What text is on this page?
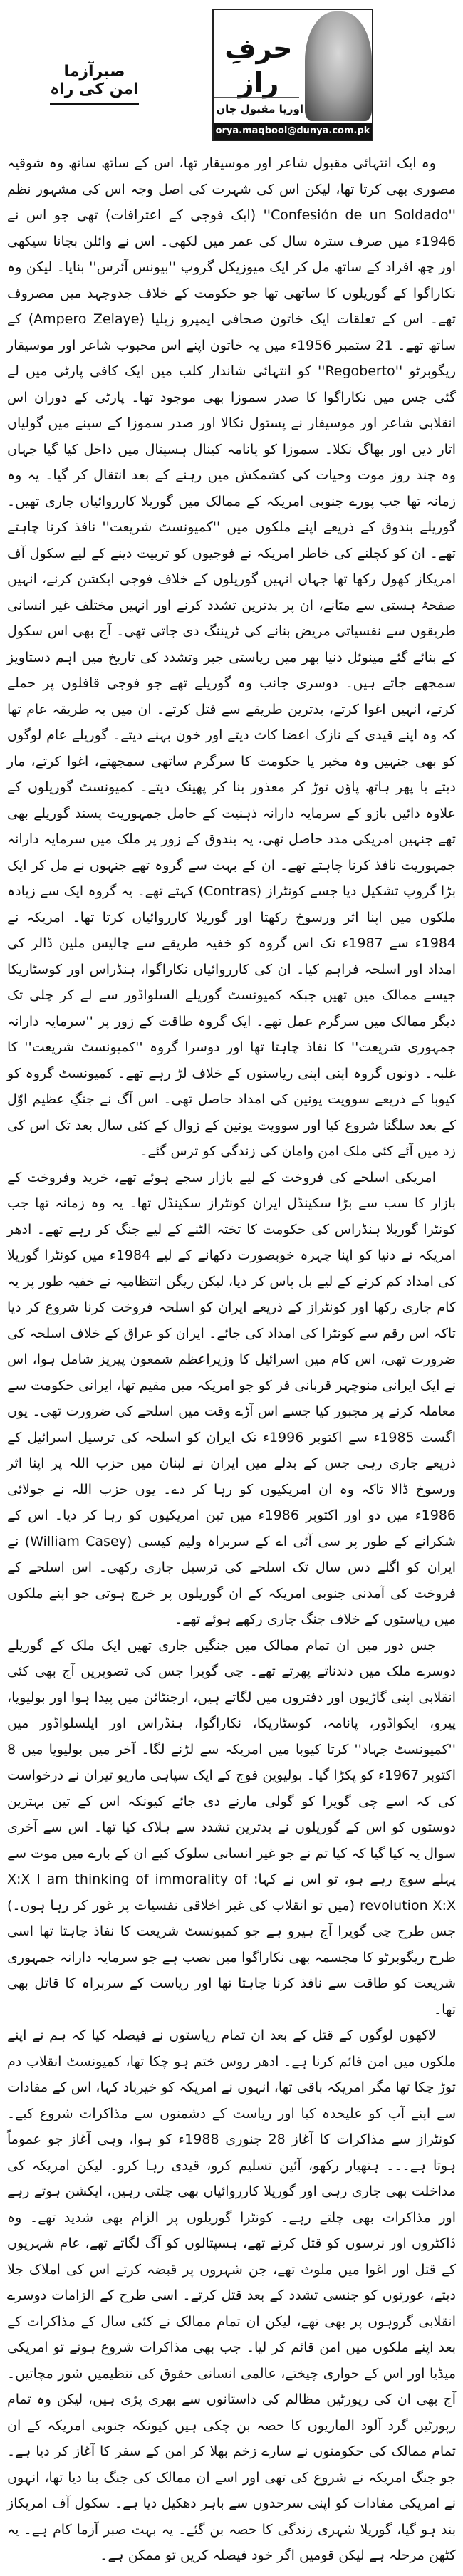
صبرآزما امن کی راہ
حرفِ راز
اوریا مقبول جان
orya.maqbool@dunya.com.pk

وہ ایک انتہائی مقبول شاعر اور موسیقار تھا، اس کے ساتھ ساتھ وہ شوقیہ مصوری بھی کرتا تھا، لیکن اس کی شہرت کی اصل وجہ اس کی مشہور نظم ''Confesión de un Soldado'' (ایک فوجی کے اعترافات) تھی جو اس نے 1946ء میں صرف سترہ سال کی عمر میں لکھی۔ اس نے وائلن بجانا سیکھی اور چھ افراد کے ساتھ مل کر ایک میوزیکل گروپ ''بیونس آئرس'' بنایا۔ لیکن وہ نکاراگوا کے گوریلوں کا ساتھی تھا جو حکومت کے خلاف جدوجہد میں مصروف تھے۔ اس کے تعلقات ایک خاتون صحافی ایمپرو زیلیا (Ampero Zelaye) کے ساتھ تھے۔ 21 ستمبر 1956ء میں یہ خاتون اپنے اس محبوب شاعر اور موسیقار ریگوبرٹو ''Regoberto'' کو انتہائی شاندار کلب میں ایک کافی پارٹی میں لے گئی جس میں نکاراگوا کا صدر سموزا بھی موجود تھا۔ پارٹی کے دوران اس انقلابی شاعر اور موسیقار نے پستول نکالا اور صدر سموزا کے سینے میں گولیاں اتار دیں اور بھاگ نکلا۔ سموزا کو پانامہ کینال ہسپتال میں داخل کیا گیا جہاں وہ چند روز موت وحیات کی کشمکش میں رہنے کے بعد انتقال کر گیا۔ یہ وہ زمانہ تھا جب پورے جنوبی امریکہ کے ممالک میں گوریلا کارروائیاں جاری تھیں۔ گوریلے بندوق کے ذریعے اپنے ملکوں میں ''کمیونسٹ شریعت'' نافذ کرنا چاہتے تھے۔ ان کو کچلنے کی خاطر امریکہ نے فوجیوں کو تربیت دینے کے لیے سکول آف امریکاز کھول رکھا تھا جہاں انہیں گوریلوں کے خلاف فوجی ایکشن کرنے، انہیں صفحۂ ہستی سے مٹانے، ان پر بدترین تشدد کرنے اور انہیں مختلف غیر انسانی طریقوں سے نفسیاتی مریض بنانے کی ٹریننگ دی جاتی تھی۔ آج بھی اس سکول کے بنائے گئے مینوئل دنیا بھر میں ریاستی جبر وتشدد کی تاریخ میں اہم دستاویز سمجھے جاتے ہیں۔ دوسری جانب وہ گوریلے تھے جو فوجی قافلوں پر حملے کرتے، انہیں اغوا کرتے، بدترین طریقے سے قتل کرتے۔ ان میں یہ طریقہ عام تھا کہ وہ اپنے قیدی کے نازک اعضا کاٹ دیتے اور خون بہنے دیتے۔ گوریلے عام لوگوں کو بھی جنہیں وہ مخبر یا حکومت کا سرگرم ساتھی سمجھتے، اغوا کرتے، مار دیتے یا پھر ہاتھ پاؤں توڑ کر معذور بنا کر پھینک دیتے۔ کمیونسٹ گوریلوں کے علاوہ دائیں بازو کے سرمایہ دارانہ ذہنیت کے حامل جمہوریت پسند گوریلے بھی تھے جنہیں امریکی مدد حاصل تھی، یہ بندوق کے زور پر ملک میں سرمایہ دارانہ جمہوریت نافذ کرنا چاہتے تھے۔ ان کے بہت سے گروہ تھے جنہوں نے مل کر ایک بڑا گروپ تشکیل دیا جسے کونٹراز (Contras) کہتے تھے۔ یہ گروہ ایک سے زیادہ ملکوں میں اپنا اثر ورسوخ رکھتا اور گوریلا کارروائیاں کرتا تھا۔ امریکہ نے 1984ء سے 1987ء تک اس گروہ کو خفیہ طریقے سے چالیس ملین ڈالر کی امداد اور اسلحہ فراہم کیا۔ ان کی کارروائیاں نکاراگوا، ہنڈراس اور کوسٹاریکا جیسے ممالک میں تھیں جبکہ کمیونسٹ گوریلے السلواڈور سے لے کر چلی تک دیگر ممالک میں سرگرم عمل تھے۔ ایک گروہ طاقت کے زور پر ''سرمایہ دارانہ جمہوری شریعت'' کا نفاذ چاہتا تھا اور دوسرا گروہ ''کمیونسٹ شریعت'' کا غلبہ۔ دونوں گروہ اپنی اپنی ریاستوں کے خلاف لڑ رہے تھے۔ کمیونسٹ گروہ کو کیوبا کے ذریعے سوویت یونین کی امداد حاصل تھی۔ اس آگ نے جنگِ عظیم اوّل کے بعد سلگنا شروع کیا اور سوویت یونین کے زوال کے کئی سال بعد تک اس کی زد میں آئے کئی ملک امن وامان کی زندگی کو ترس گئے۔

امریکی اسلحے کی فروخت کے لیے بازار سجے ہوئے تھے، خرید وفروخت کے بازار کا سب سے بڑا سکینڈل ایران کونٹراز سکینڈل تھا۔ یہ وہ زمانہ تھا جب کونٹرا گوریلا ہنڈراس کی حکومت کا تختہ الٹنے کے لیے جنگ کر رہے تھے۔ ادھر امریکہ نے دنیا کو اپنا چہرہ خوبصورت دکھانے کے لیے 1984ء میں کونٹرا گوریلا کی امداد کم کرنے کے لیے بل پاس کر دیا، لیکن ریگن انتظامیہ نے خفیہ طور پر یہ کام جاری رکھا اور کونٹراز کے ذریعے ایران کو اسلحہ فروخت کرنا شروع کر دیا تاکہ اس رقم سے کونٹرا کی امداد کی جائے۔ ایران کو عراق کے خلاف اسلحہ کی ضرورت تھی، اس کام میں اسرائیل کا وزیراعظم شمعون پیریز شامل ہوا، اس نے ایک ایرانی منوچہر قربانی فر کو جو امریکہ میں مقیم تھا، ایرانی حکومت سے معاملہ کرنے پر مجبور کیا جسے اس آڑے وقت میں اسلحے کی ضرورت تھی۔ یوں اگست 1985ء سے اکتوبر 1996ء تک ایران کو اسلحہ کی ترسیل اسرائیل کے ذریعے جاری رہی جس کے بدلے میں ایران نے لبنان میں حزب اللہ پر اپنا اثر ورسوخ ڈالا تاکہ وہ ان امریکیوں کو رہا کر دے۔ یوں حزب اللہ نے جولائی 1986ء میں دو اور اکتوبر 1986ء میں تین امریکیوں کو رہا کر دیا۔ اس کے شکرانے کے طور پر سی آئی اے کے سربراہ ولیم کیسی (William Casey) نے ایران کو اگلے دس سال تک اسلحے کی ترسیل جاری رکھی۔ اس اسلحے کے فروخت کی آمدنی جنوبی امریکہ کے ان گوریلوں پر خرچ ہوتی جو اپنے ملکوں میں ریاستوں کے خلاف جنگ جاری رکھے ہوئے تھے۔

جس دور میں ان تمام ممالک میں جنگیں جاری تھیں ایک ملک کے گوریلے دوسرے ملک میں دندناتے پھرتے تھے۔ چی گویرا جس کی تصویریں آج بھی کئی انقلابی اپنی گاڑیوں اور دفتروں میں لگاتے ہیں، ارجنٹائن میں پیدا ہوا اور بولیویا، پیرو، ایکواڈور، پانامہ، کوسٹاریکا، نکاراگوا، ہنڈراس اور ایلسلواڈور میں ''کمیونسٹ جہاد'' کرتا کیوبا میں امریکہ سے لڑنے لگا۔ آخر میں بولیویا میں 8 اکتوبر 1967ء کو پکڑا گیا۔ بولیوین فوج کے ایک سپاہی ماریو تیران نے درخواست کی کہ اسے چی گویرا کو گولی مارنے دی جائے کیونکہ اس کے تین بہترین دوستوں کو اس کے گوریلوں نے بدترین تشدد سے ہلاک کیا تھا۔ اس سے آخری سوال یہ کیا گیا کہ کیا تم نے جو غیر انسانی سلوک کیے ان کے بارے میں موت سے پہلے سوچ رہے ہو، تو اس نے کہا: X:X I am thinking of immorality of revolution X:X (میں تو انقلاب کی غیر اخلاقی نفسیات پر غور کر رہا ہوں۔) جس طرح چی گویرا آج ہیرو ہے جو کمیونسٹ شریعت کا نفاذ چاہتا تھا اسی طرح ریگوبرٹو کا مجسمہ بھی نکاراگوا میں نصب ہے جو سرمایہ دارانہ جمہوری شریعت کو طاقت سے نافذ کرنا چاہتا تھا اور ریاست کے سربراہ کا قاتل بھی تھا۔

لاکھوں لوگوں کے قتل کے بعد ان تمام ریاستوں نے فیصلہ کیا کہ ہم نے اپنے ملکوں میں امن قائم کرنا ہے۔ ادھر روس ختم ہو چکا تھا، کمیونسٹ انقلاب دم توڑ چکا تھا مگر امریکہ باقی تھا، انہوں نے امریکہ کو خیرباد کہا، اس کے مفادات سے اپنے آپ کو علیحدہ کیا اور ریاست کے دشمنوں سے مذاکرات شروع کیے۔ کونٹراز سے مذاکرات کا آغاز 28 جنوری 1988ء کو ہوا، وہی آغاز جو عموماً ہوتا ہے۔۔۔ ہتھیار رکھو، آئین تسلیم کرو، قیدی رہا کرو۔ لیکن امریکہ کی مداخلت بھی جاری رہی اور گوریلا کارروائیاں بھی چلتی رہیں، ایکشن ہوتے رہے اور مذاکرات بھی چلتے رہے۔ کونٹرا گوریلوں پر الزام بھی شدید تھے۔ وہ ڈاکٹروں اور نرسوں کو قتل کرتے تھے، ہسپتالوں کو آگ لگاتے تھے، عام شہریوں کے قتل اور اغوا میں ملوث تھے، جن شہروں پر قبضہ کرتے اس کی املاک جلا دیتے، عورتوں کو جنسی تشدد کے بعد قتل کرتے۔ اسی طرح کے الزامات دوسرے انقلابی گروہوں پر بھی تھے، لیکن ان تمام ممالک نے کئی سال کے مذاکرات کے بعد اپنے ملکوں میں امن قائم کر لیا۔ جب بھی مذاکرات شروع ہوتے تو امریکی میڈیا اور اس کے حواری چیختے، عالمی انسانی حقوق کی تنظیمیں شور مچاتیں۔ آج بھی ان کی رپورٹیں مظالم کی داستانوں سے بھری پڑی ہیں، لیکن وہ تمام رپورٹیں گرد آلود الماریوں کا حصہ بن چکی ہیں کیونکہ جنوبی امریکہ کے ان تمام ممالک کی حکومتوں نے سارے زخم بھلا کر امن کے سفر کا آغاز کر دیا ہے۔ جو جنگ امریکہ نے شروع کی تھی اور اسے ان ممالک کی جنگ بنا دیا تھا، انہوں نے امریکی مفادات کو اپنی سرحدوں سے باہر دھکیل دیا ہے۔ سکول آف امریکاز بند ہو گیا، گوریلا شہری زندگی کا حصہ بن گئے۔ یہ بہت صبر آزما کام ہے۔ یہ کٹھن مرحلہ ہے لیکن قومیں اگر خود فیصلہ کریں تو ممکن ہے۔
